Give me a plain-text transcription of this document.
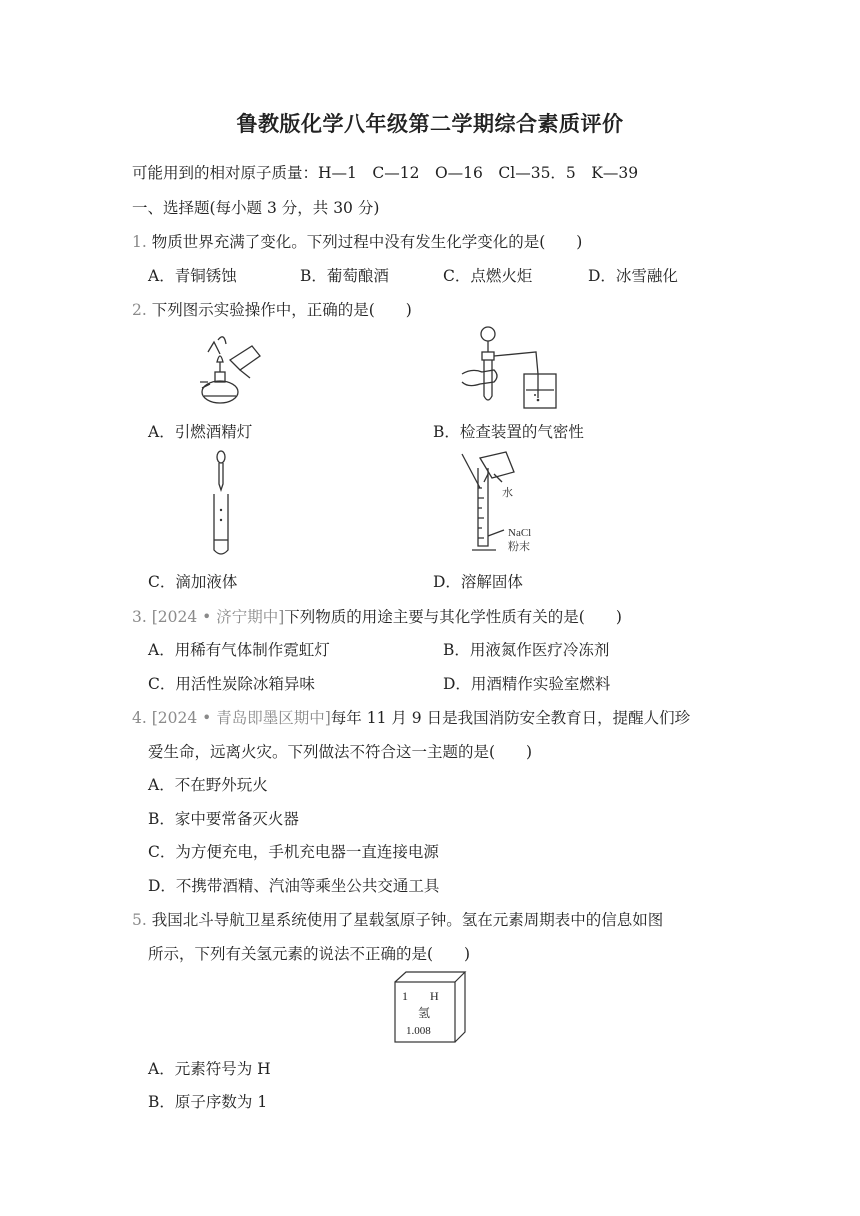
鲁教版化学八年级第二学期综合素质评价
可能用到的相对原子质量：H—1　C—12　O—16　Cl—35．5　K—39
一、选择题(每小题 3 分，共 30 分)
1. 物质世界充满了变化。下列过程中没有发生化学变化的是(　　)
A．青铜锈蚀	B．葡萄酿酒	C．点燃火炬	D．冰雪融化
2. 下列图示实验操作中，正确的是(　　)
A．引燃酒精灯	B．检查装置的气密性
水
NaCl
粉末
C．滴加液体	D．溶解固体
3. [2024 • 济宁期中]下列物质的用途主要与其化学性质有关的是(　　)
A．用稀有气体制作霓虹灯	B．用液氮作医疗冷冻剂
C．用活性炭除冰箱异味	D．用酒精作实验室燃料
4. [2024 • 青岛即墨区期中]每年 11 月 9 日是我国消防安全教育日，提醒人们珍
爱生命，远离火灾。下列做法不符合这一主题的是(　　)
A．不在野外玩火
B．家中要常备灭火器
C．为方便充电，手机充电器一直连接电源
D．不携带酒精、汽油等乘坐公共交通工具
5. 我国北斗导航卫星系统使用了星载氢原子钟。氢在元素周期表中的信息如图
所示，下列有关氢元素的说法不正确的是(　　)
1 H
氢
1.008
A．元素符号为 H
B．原子序数为 1
